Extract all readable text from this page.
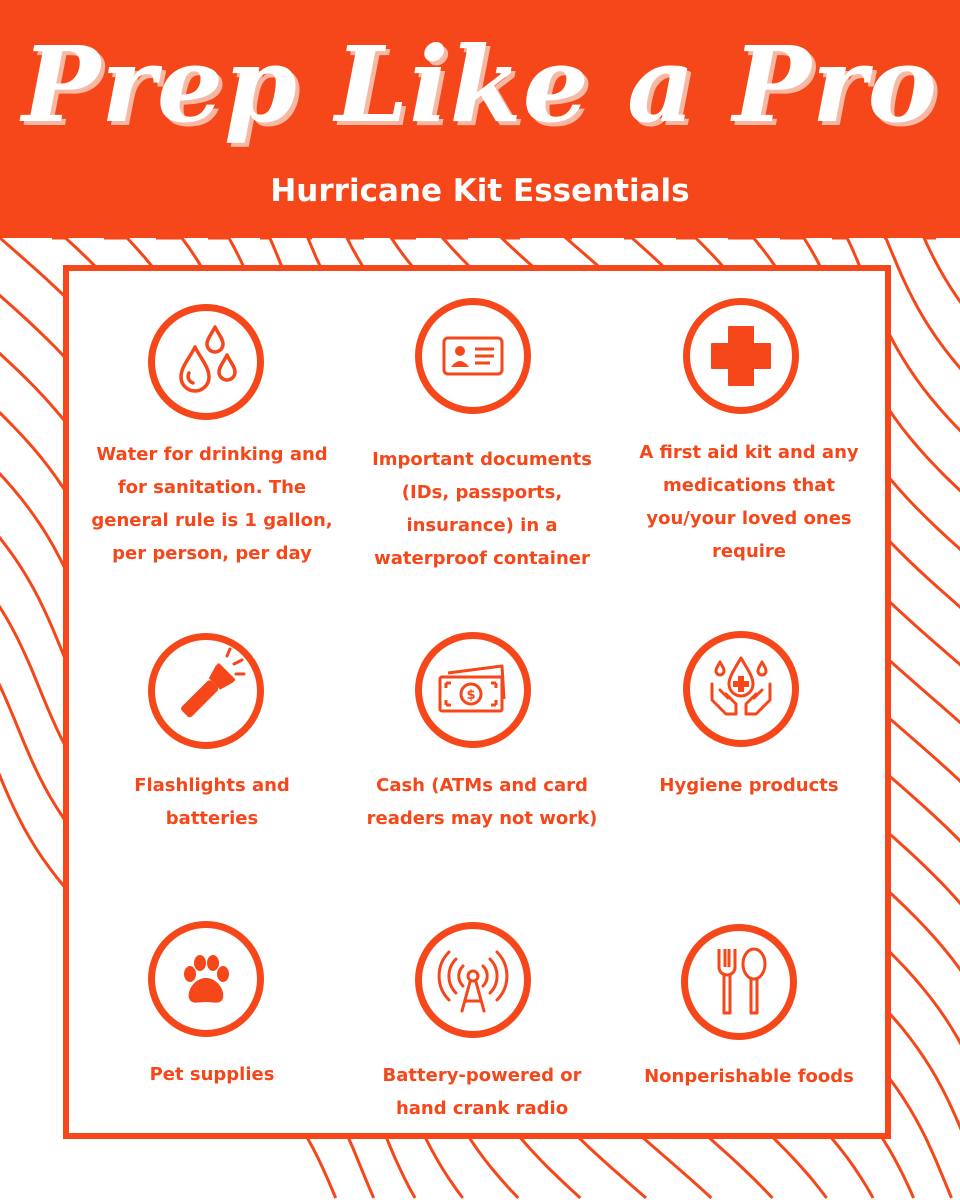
Prep Like a Pro
Hurricane Kit Essentials
Water for drinking and for sanitation. The general rule is 1 gallon, per person, per day
Important documents (IDs, passports, insurance) in a waterproof container
A first aid kit and any medications that you/your loved ones require
Flashlights and batteries
$
Cash (ATMs and card readers may not work)
Hygiene products
Pet supplies	Battery-powered or hand crank radio
Nonperishable foods
